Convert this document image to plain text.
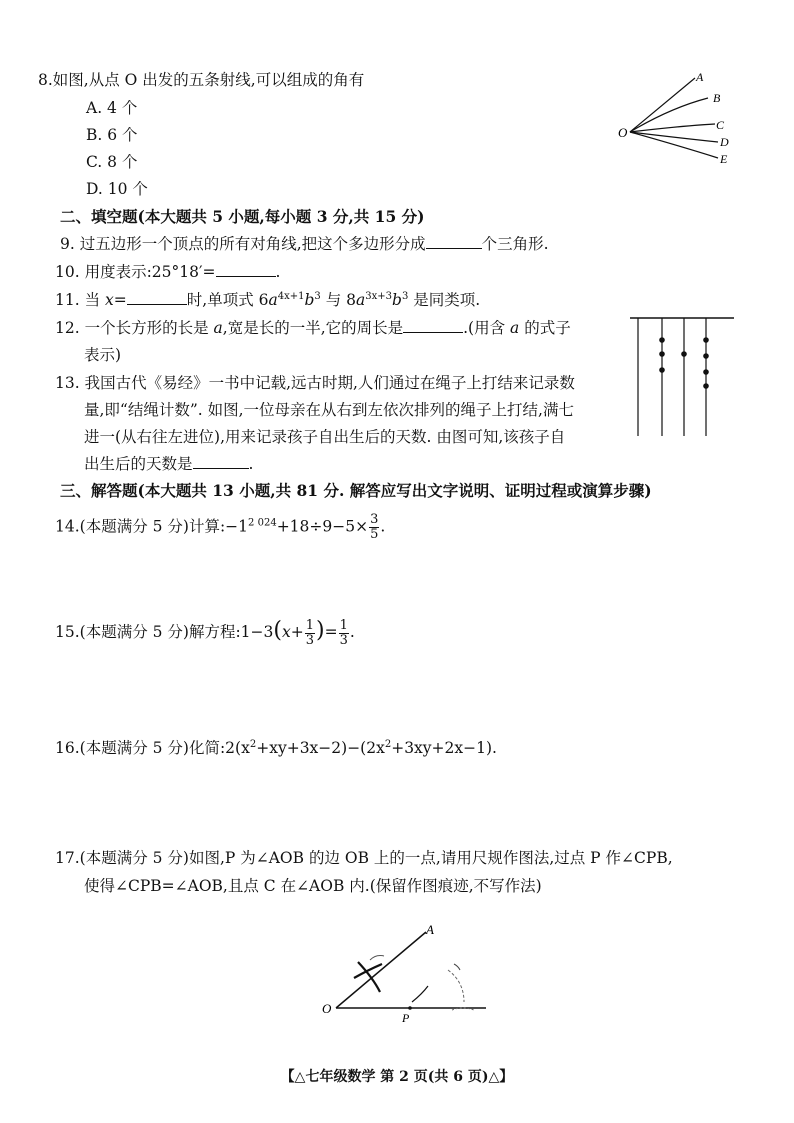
8.如图,从点 O 出发的五条射线,可以组成的角有
A. 4 个
B. 6 个
C. 8 个
D. 10 个
O
A
B
C
D
E
二、填空题(本大题共 5 小题,每小题 3 分,共 15 分)
9. 过五边形一个顶点的所有对角线,把这个多边形分成	个三角形.
10. 用度表示:25°18′=	.
11. 当 x=	时,单项式 $6a^{4x+1}b^3$ 与 $8a^{3x+3}b^3$ 是同类项.
12. 一个长方形的长是 a,宽是长的一半,它的周长是	.(用含 a 的式子
表示)
13. 我国古代《易经》一书中记载,远古时期,人们通过在绳子上打结来记录数
量,即“结绳计数”. 如图,一位母亲在从右到左依次排列的绳子上打结,满七
进一(从右往左进位),用来记录孩子自出生后的天数. 由图可知,该孩子自
出生后的天数是	.
三、解答题(本大题共 13 小题,共 81 分. 解答应写出文字说明、证明过程或演算步骤)
14.(本题满分 5 分)计算$:-1^{2 024}+18\div 9-5\times \frac{3}{5}$ .
15.(本题满分 5 分)解方程:1−3(x+ $\frac{1}{3}$ )= $\frac{1}{3}$ .
16.(本题满分 5 分)化简$:2(x^2+xy+3x-2)-(2x^2+3xy+2x-1)$.
17.(本题满分 5 分)如图,P 为∠AOB 的边 OB 上的一点,请用尺规作图法,过点 P 作∠CPB,
使得∠CPB=∠AOB,且点 C 在∠AOB 内.(保留作图痕迹,不写作法)
O
A
P
【△七年级数学 第 2 页(共 6 页)△】
